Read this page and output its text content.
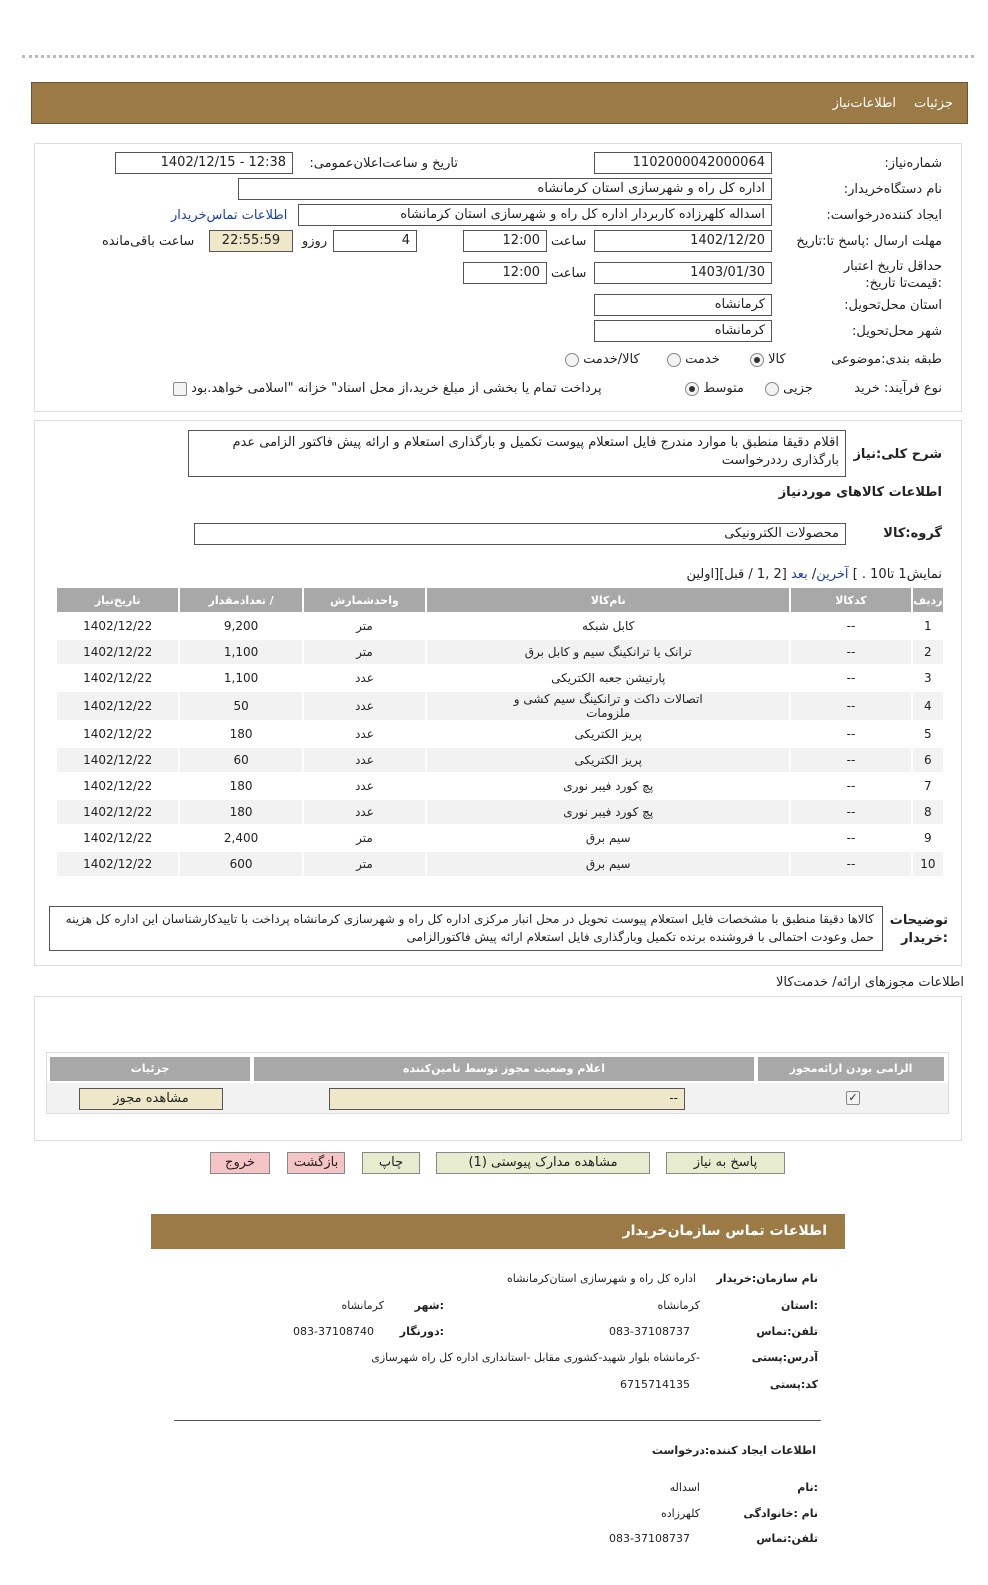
جزئیات
اطلاعات‌نیاز
شماره‌نیاز:
1102000042000064
تاریخ و ساعت‌اعلان‌عمومی:
1402/12/15 - 12:38
نام دستگاه‌خریدار:
اداره کل راه و شهرسازی استان کرمانشاه
ایجاد کننده‌درخواست:
اسداله کلهرزاده کاربردار اداره کل راه و شهرسازی استان کرمانشاه
اطلاعات تماس‌خریدار
مهلت ارسال :پاسخ تا:تاریخ
1402/12/20
ساعت
12:00
4
روزو
22:55:59
ساعت باقی‌مانده
حداقل تاریخ اعتبار :قیمت‌تا تاریخ:
1403/01/30
ساعت
12:00
استان محل‌تحویل:
کرمانشاه
شهر محل‌تحویل:
کرمانشاه
طبقه بندی‌:موضوعی
کالا
خدمت
کالا/خدمت
نوع فرآیند: خرید
جزیی
متوسط
پرداخت تمام یا بخشی از مبلغ خرید،از محل اسناد" خزانه "اسلامی خواهد.بود
شرح کلی‌:نیاز
اقلام دقیقا منطبق با موارد مندرج فایل استعلام پیوست تکمیل و بارگذاری استعلام و ارائه پیش فاکتور الزامی عدم بارگذاری رددرخواست
اطلاعات کالاهای موردنیاز
گروه‌:کالا
محصولات الکترونیکی
نمایش1 تا10 . ] آخرین/ بعد [2 ,1 / قبل][اولین
ردیف	کدکالا	نام‌کالا	واحدشمارش	/ تعدادمقدار	تاریخ‌نیاز
1	--	کابل شبکه	متر	9,200	1402/12/22
2	--	ترانک یا ترانکینگ سیم و کابل برق	متر	1,100	1402/12/22
3	--	پارتیشن جعبه الکتریکی	عدد	1,100	1402/12/22
4	--	اتصالات داکت و ترانکینگ سیم کشی و ملزومات	عدد	50	1402/12/22
5	--	پریز الکتریکی	عدد	180	1402/12/22
6	--	پریز الکتریکی	عدد	60	1402/12/22
7	--	پچ کورد فیبر نوری	عدد	180	1402/12/22
8	--	پچ کورد فیبر نوری	عدد	180	1402/12/22
9	--	سیم برق	متر	2,400	1402/12/22
10	--	سیم برق	متر	600	1402/12/22
توضیحات :خریدار
کالاها دقیقا منطبق با مشخصات فایل استعلام پیوست تحویل در محل انبار مرکزی اداره کل راه و شهرسازی کرمانشاه پرداخت با تاییدکارشناسان این اداره کل هزینه حمل وعودت احتمالی با فروشنده برنده تکمیل وبارگذاری فایل استعلام ارائه پیش فاکتورالزامی
اطلاعات مجوزهای ارائه/ خدمت‌کالا
الزامی بودن ارائه‌مجوز
اعلام وضعیت مجوز توسط تامین‌کننده
جزئیات
✓
--
مشاهده مجوز
پاسخ به نیاز
مشاهده مدارک پیوستی (1)
چاپ
بازگشت
خروج
اطلاعات تماس سازمان‌خریدار
نام سازمان‌:خریدار
اداره کل راه و شهرسازی استان‌کرمانشاه
:استان
کرمانشاه
:شهر
کرمانشاه
تلفن‌:تماس
083-37108737
:دورنگار
083-37108740
آدرس‌:پستی
-کرمانشاه بلوار شهید-کشوری مقابل -استانداری اداره کل راه شهرسازی
کد:پستی
6715714135
اطلاعات ایجاد کننده‌:درخواست
:نام
اسداله
نام :خانوادگی
کلهرزاده
تلفن‌:تماس
083-37108737
